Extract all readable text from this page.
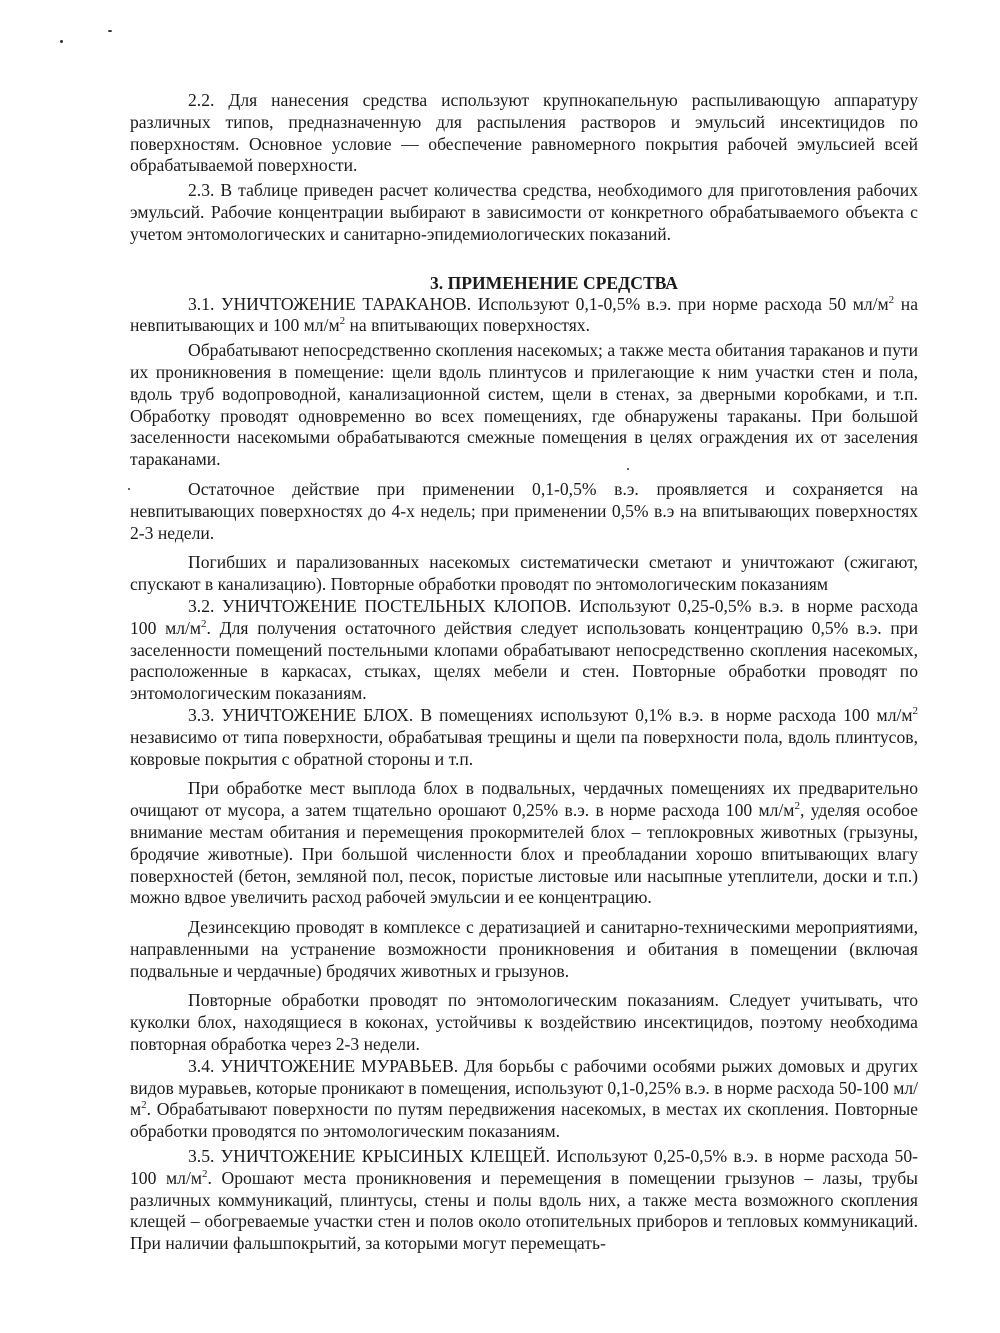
2.2. Для нанесения средства используют крупнокапельную распыливающую аппаратуру различных типов, предназначенную для распыления растворов и эмульсий инсектицидов по поверхностям. Основное условие — обеспечение равномерного покрытия рабочей эмульсией всей обрабатываемой поверхности.

2.3. В таблице приведен расчет количества средства, необходимого для приготовления рабочих эмульсий. Рабочие концентрации выбирают в зависимости от конкретного обрабатываемого объекта с учетом энтомологических и санитарно-эпидемиологических показаний.

3. ПРИМЕНЕНИЕ СРЕДСТВА

3.1. УНИЧТОЖЕНИЕ ТАРАКАНОВ. Используют 0,1-0,5% в.э. при норме расхода 50 $мл/м^2$ на невпитывающих и 100 $мл/м^2$ на впитывающих поверхностях.

Обрабатывают непосредственно скопления насекомых; а также места обитания тараканов и пути их проникновения в помещение: щели вдоль плинтусов и прилегающие к ним участки стен и пола, вдоль труб водопроводной, канализационной систем, щели в стенах, за дверными коробками, и т.п. Обработку проводят одновременно во всех помещениях, где обнаружены тараканы. При большой заселенности насекомыми обрабатываются смежные помещения в целях ограждения их от заселения тараканами.

Остаточное действие при применении 0,1-0,5% в.э. проявляется и сохраняется на невпитывающих поверхностях до 4-х недель; при применении 0,5% в.э на впитывающих поверхностях 2-3 недели.

Погибших и парализованных насекомых систематически сметают и уничтожают (сжигают, спускают в канализацию). Повторные обработки проводят по энтомологическим показаниям

3.2. УНИЧТОЖЕНИЕ ПОСТЕЛЬНЫХ КЛОПОВ. Используют 0,25-0,5% в.э. в норме расхода 100 $мл/м^2$. Для получения остаточного действия следует использовать концентрацию 0,5% в.э. при заселенности помещений постельными клопами обрабатывают непосредственно скопления насекомых, расположенные в каркасах, стыках, щелях мебели и стен. Повторные обработки проводят по энтомологическим показаниям.

3.3. УНИЧТОЖЕНИЕ БЛОХ. В помещениях используют 0,1% в.э. в норме расхода 100 $мл/м^2$ независимо от типа поверхности, обрабатывая трещины и щели па поверхности пола, вдоль плинтусов, ковровые покрытия с обратной стороны и т.п.

При обработке мест выплода блох в подвальных, чердачных помещениях их предварительно очищают от мусора, а затем тщательно орошают 0,25% в.э. в норме расхода 100 $мл/м^2$, уделяя особое внимание местам обитания и перемещения прокормителей блох – теплокровных животных (грызуны, бродячие животные). При большой численности блох и преобладании хорошо впитывающих влагу поверхностей (бетон, земляной пол, песок, пористые листовые или насыпные утеплители, доски и т.п.) можно вдвое увеличить расход рабочей эмульсии и ее концентрацию.

Дезинсекцию проводят в комплексе с дератизацией и санитарно-техническими мероприятиями, направленными на устранение возможности проникновения и обитания в помещении (включая подвальные и чердачные) бродячих животных и грызунов.

Повторные обработки проводят по энтомологическим показаниям. Следует учитывать, что куколки блох, находящиеся в коконах, устойчивы к воздействию инсектицидов, поэтому необходима повторная обработка через 2-3 недели.

3.4. УНИЧТОЖЕНИЕ МУРАВЬЕВ. Для борьбы с рабочими особями рыжих домовых и других видов муравьев, которые проникают в помещения, используют 0,1-0,25% в.э. в норме расхода 50-100 $мл/м^2$. Обрабатывают поверхности по путям передвижения насекомых, в местах их скопления. Повторные обработки проводятся по энтомологическим показаниям.

3.5. УНИЧТОЖЕНИЕ КРЫСИНЫХ КЛЕЩЕЙ. Используют 0,25-0,5% в.э. в норме расхода 50-100 $мл/м^2$. Орошают места проникновения и перемещения в помещении грызунов – лазы, трубы различных коммуникаций, плинтусы, стены и полы вдоль них, а также места возможного скопления клещей – обогреваемые участки стен и полов около отопительных приборов и тепловых коммуникаций. При наличии фальшпокрытий, за которыми могут перемещать-
